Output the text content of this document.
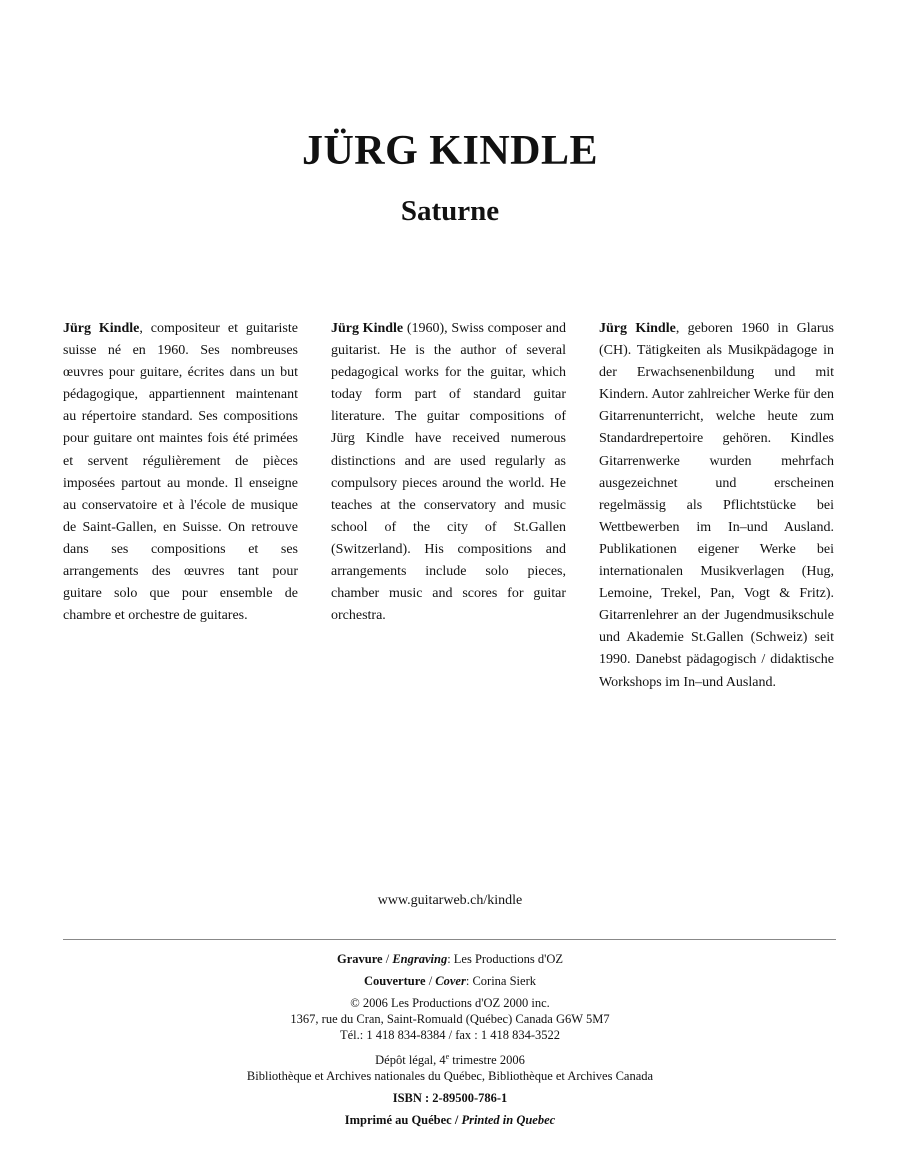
JÜRG KINDLE
Saturne
Jürg Kindle, compositeur et guitariste suisse né en 1960. Ses nombreuses œuvres pour guitare, écrites dans un but pédagogique, appartiennent maintenant au répertoire standard. Ses compositions pour guitare ont maintes fois été primées et servent régulièrement de pièces imposées partout au monde. Il enseigne au conservatoire et à l'école de musique de Saint-Gallen, en Suisse. On retrouve dans ses compositions et ses arrangements des œuvres tant pour guitare solo que pour ensemble de chambre et orchestre de guitares.
Jürg Kindle (1960), Swiss composer and guitarist. He is the author of several pedagogical works for the guitar, which today form part of standard guitar literature. The guitar compositions of Jürg Kindle have received numerous distinctions and are used regularly as compulsory pieces around the world. He teaches at the conservatory and music school of the city of St.Gallen (Switzerland). His compositions and arrangements include solo pieces, chamber music and scores for guitar orchestra.
Jürg Kindle, geboren 1960 in Glarus (CH). Tätigkeiten als Musikpädagoge in der Erwachsenenbildung und mit Kindern. Autor zahlreicher Werke für den Gitarrenunterricht, welche heute zum Standardrepertoire gehören. Kindles Gitarrenwerke wurden mehrfach ausgezeichnet und erscheinen regelmässig als Pflichtstücke bei Wettbewerben im In–und Ausland. Publikationen eigener Werke bei internationalen Musikverlagen (Hug, Lemoine, Trekel, Pan, Vogt & Fritz). Gitarrenlehrer an der Jugendmusikschule und Akademie St.Gallen (Schweiz) seit 1990. Danebst pädagogisch / didaktische Workshops im In–und Ausland.
www.guitarweb.ch/kindle
Gravure / Engraving: Les Productions d'OZ
Couverture / Cover: Corina Sierk
© 2006 Les Productions d'OZ 2000 inc.
1367, rue du Cran, Saint-Romuald (Québec) Canada G6W 5M7
Tél.: 1 418 834-8384 / fax : 1 418 834-3522
Dépôt légal, 4e trimestre 2006
Bibliothèque et Archives nationales du Québec, Bibliothèque et Archives Canada
ISBN : 2-89500-786-1
Imprimé au Québec / Printed in Quebec
